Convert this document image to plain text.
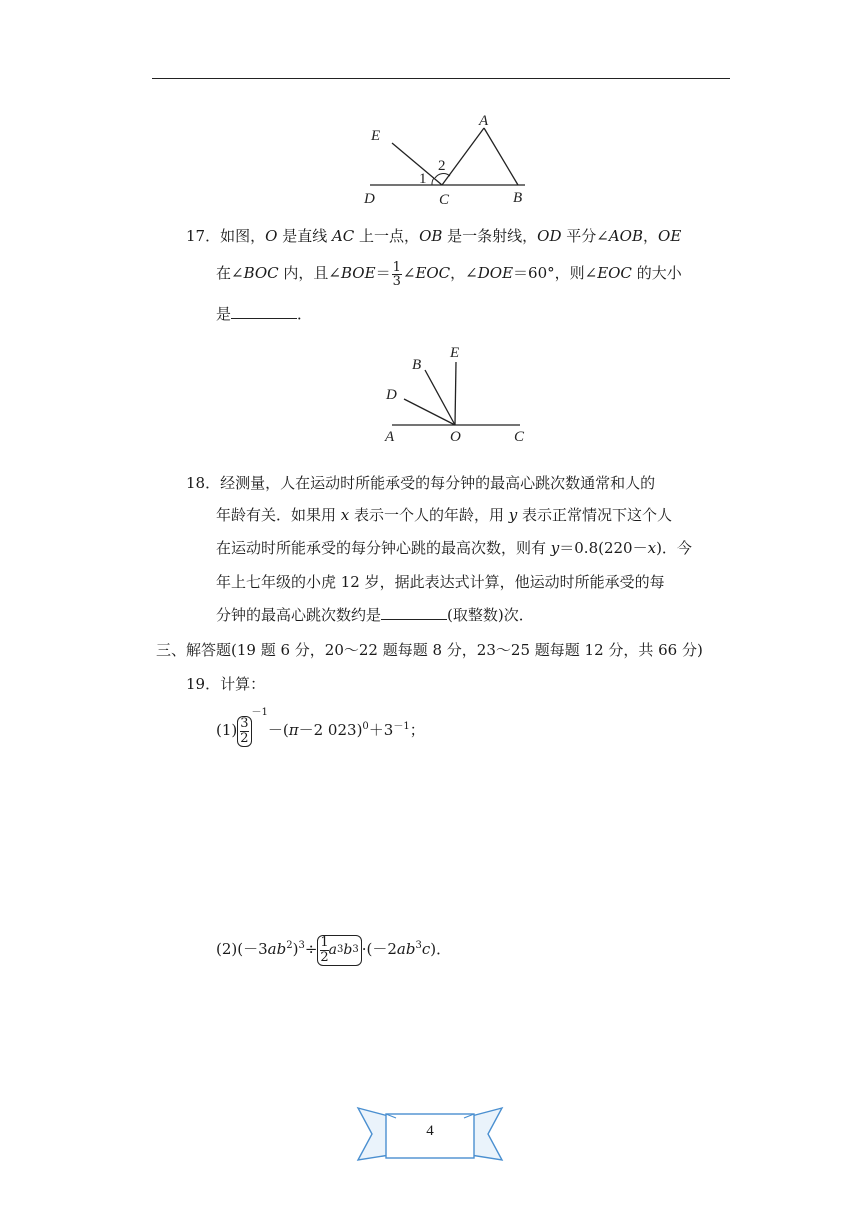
E
A
1
2
D	C	B
17．如图，O 是直线 AC 上一点，OB 是一条射线，OD 平分∠AOB，OE
在∠BOC 内，且∠BOE＝ $\frac{1}{3}$ ∠EOC，∠DOE＝60°，则∠EOC 的大小
是	．
B
E
D
A	O	C
18．经测量，人在运动时所能承受的每分钟的最高心跳次数通常和人的
年龄有关．如果用 x 表示一个人的年龄，用 y 表示正常情况下这个人
在运动时所能承受的每分钟心跳的最高次数，则有 y＝0.8(220－x)．今
年上七年级的小虎 12 岁，据此表达式计算，他运动时所能承受的每
分钟的最高心跳次数约是	(取整数)次．
三、解答题(19 题 6 分，20～22 题每题 8 分，23～25 题每题 12 分，共 66 分)
19．计算：
$(1) \frac{3}{2}$
$^{-1}$－(π－2 $023)^0+3^{-1}$；
$(2)(-3ab^2)^3\div 1$
2 a 3 b $3 \cdot(-2ab^3c)$．
4
